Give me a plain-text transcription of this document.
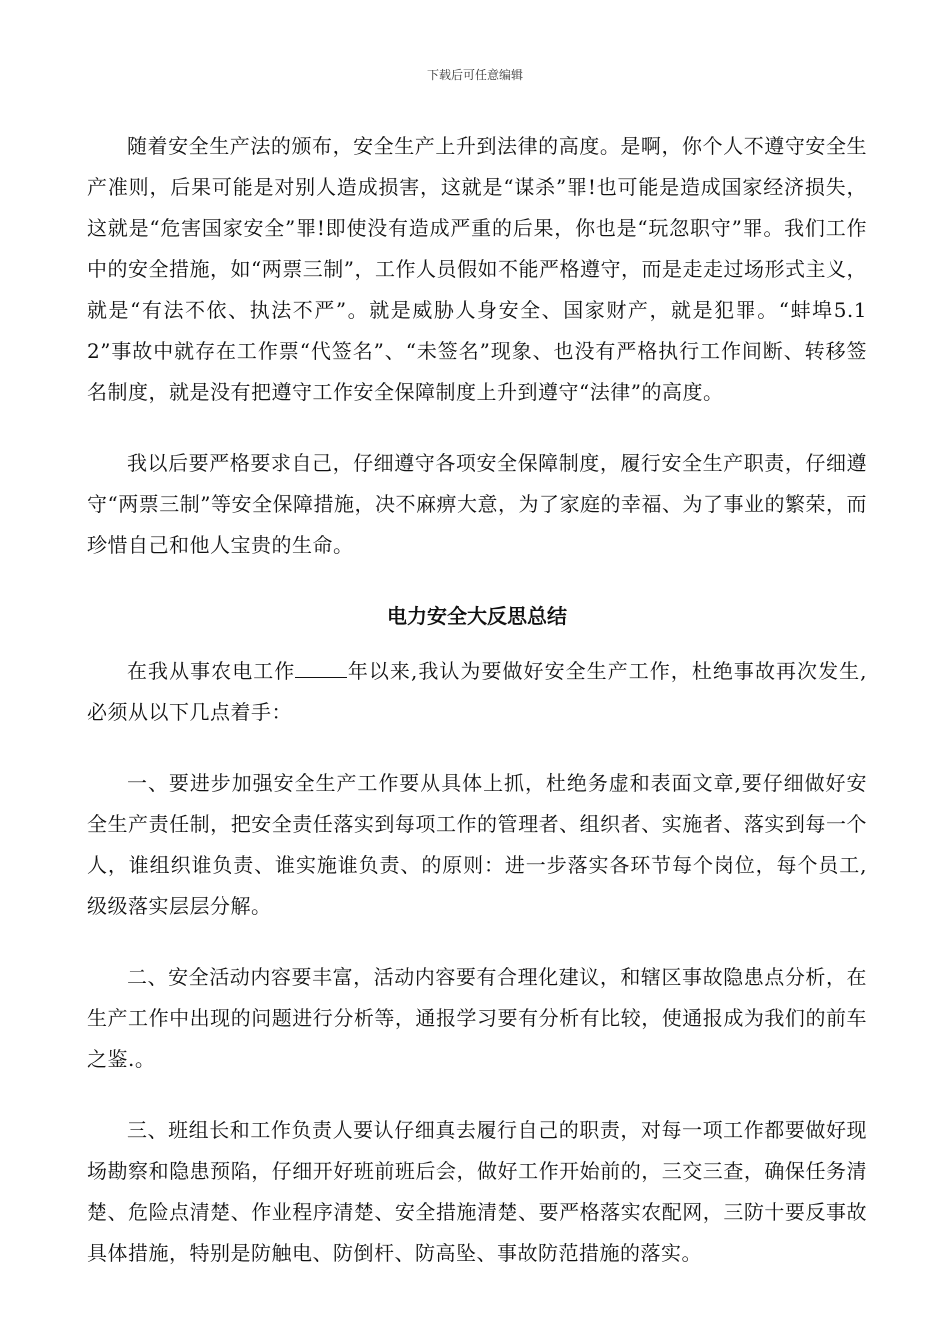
下载后可任意编辑

随着安全生产法的颁布，安全生产上升到法律的高度。是啊，你个人不遵守安全生产准则，后果可能是对别人造成损害，这就是“谋杀”罪!也可能是造成国家经济损失，这就是“危害国家安全”罪!即使没有造成严重的后果，你也是“玩忽职守”罪。我们工作中的安全措施，如“两票三制”，工作人员假如不能严格遵守，而是走走过场形式主义，就是“有法不依、执法不严”。就是威胁人身安全、国家财产，就是犯罪。“蚌埠5.12”事故中就存在工作票“代签名”、“未签名”现象、也没有严格执行工作间断、转移签名制度，就是没有把遵守工作安全保障制度上升到遵守“法律”的高度。

我以后要严格要求自己，仔细遵守各项安全保障制度，履行安全生产职责，仔细遵守“两票三制”等安全保障措施，决不麻痹大意，为了家庭的幸福、为了事业的繁荣，而珍惜自己和他人宝贵的生命。

电力安全大反思总结

在我从事农电工作	年以来,我认为要做好安全生产工作，杜绝事故再次发生,必须从以下几点着手：

一、要进步加强安全生产工作要从具体上抓，杜绝务虚和表面文章,要仔细做好安全生产责任制，把安全责任落实到每项工作的管理者、组织者、实施者、落实到每一个人，谁组织谁负责、谁实施谁负责、的原则：进一步落实各环节每个岗位，每个员工,级级落实层层分解。

二、安全活动内容要丰富，活动内容要有合理化建议，和辖区事故隐患点分析，在生产工作中出现的问题进行分析等，通报学习要有分析有比较，使通报成为我们的前车之鉴.。

三、班组长和工作负责人要认仔细真去履行自己的职责，对每一项工作都要做好现场勘察和隐患预陷，仔细开好班前班后会，做好工作开始前的，三交三查，确保任务清楚、危险点清楚、作业程序清楚、安全措施清楚、要严格落实农配网，三防十要反事故具体措施，特别是防触电、防倒杆、防高坠、事故防范措施的落实。
